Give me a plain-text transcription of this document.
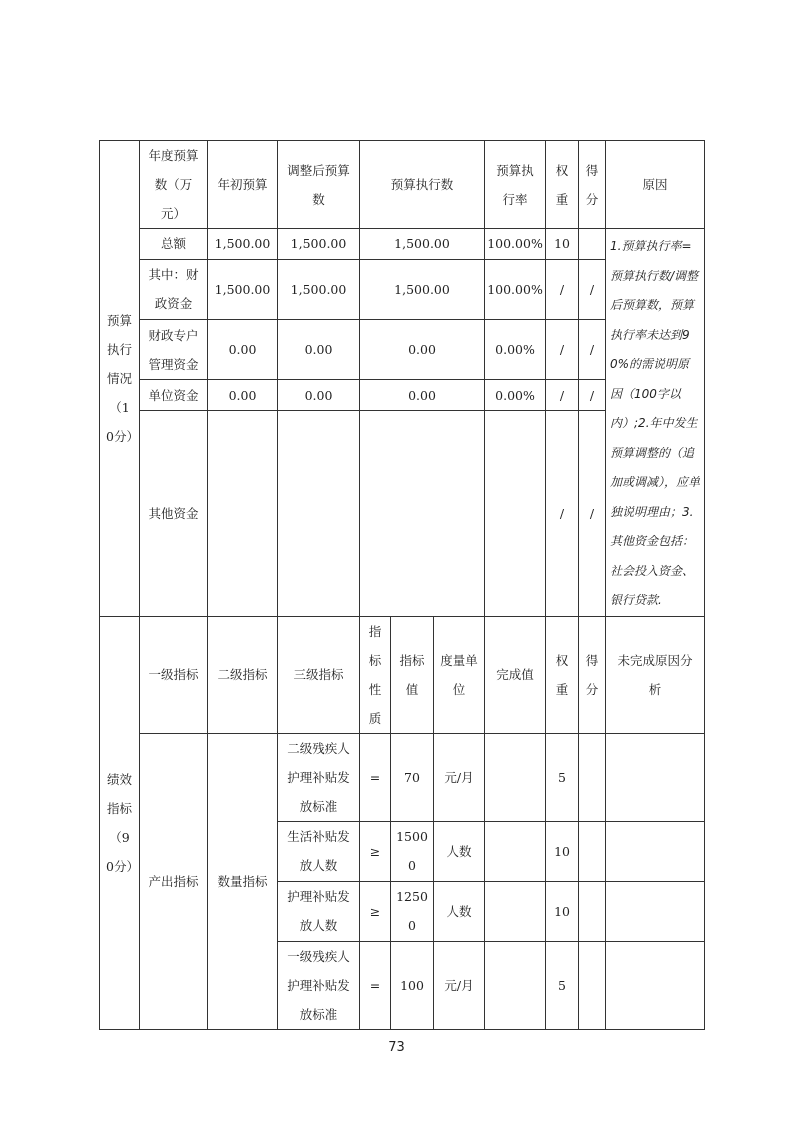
预算执行情况（10分）	年度预算数（万元）	年初预算	调整后预算数	预算执行数			预算执行率	权重	得分	原因
	总额	1,500.00	1,500.00	1,500.00			100.00%	10		1.预算执行率=预算执行数/调整后预算数，预算执行率未达到90%的需说明原因（100字以内）;2.年中发生预算调整的（追加或调减），应单独说明理由；3.其他资金包括：社会投入资金、银行贷款.
	其中：财政资金	1,500.00	1,500.00	1,500.00			100.00%	/	/	
	财政专户管理资金	0.00	0.00	0.00			0.00%	/	/	
	单位资金	0.00	0.00	0.00			0.00%	/	/	
	其他资金							/	/	
绩效指标（90分）	一级指标	二级指标	三级指标	指标性质	指标值	度量单位	完成值	权重	得分	未完成原因分析
	产出指标	数量指标	二级残疾人护理补贴发放标准	=	70	元/月		5		
			生活补贴发放人数	≥	15000	人数		10		
			护理补贴发放人数	≥	12500	人数		10		
			一级残疾人护理补贴发放标准	=	100	元/月		5		
73
